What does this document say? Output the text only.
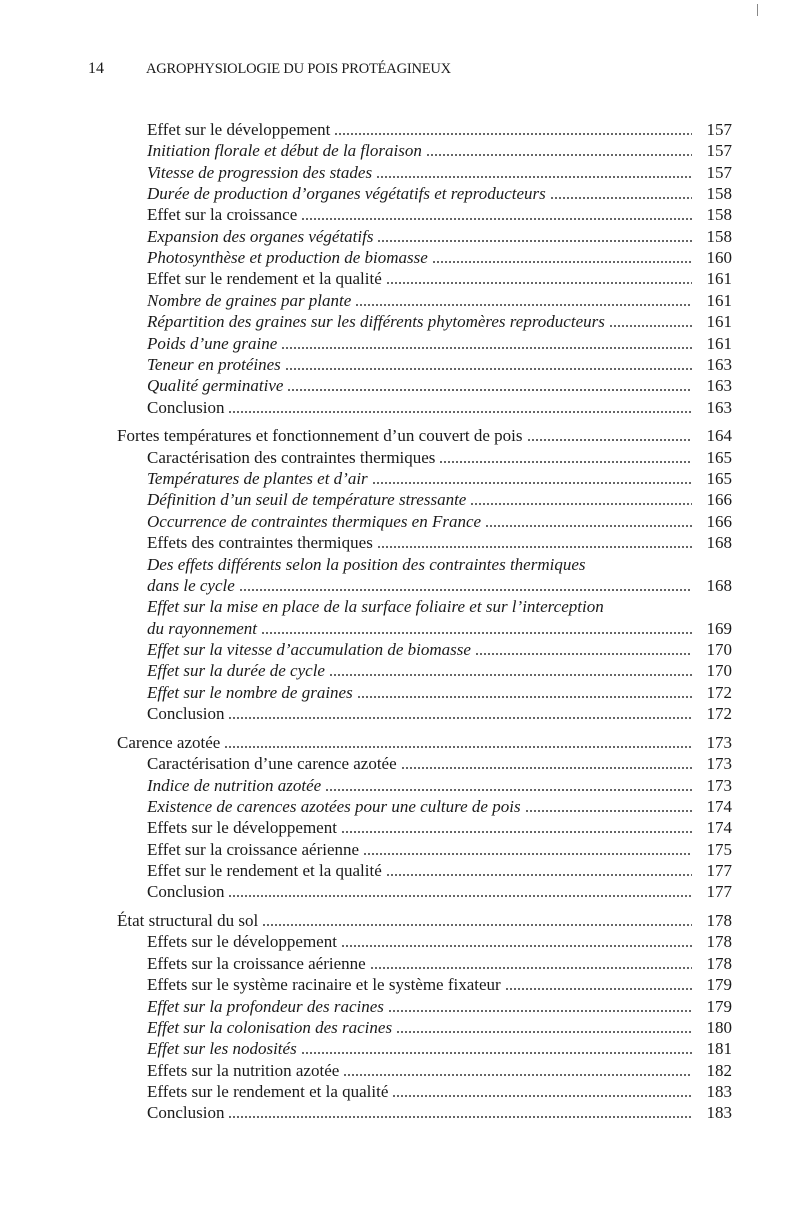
14	AGROPHYSIOLOGIE DU POIS PROTÉAGINEUX
Effet sur le développement	157
Initiation florale et début de la floraison	157
Vitesse de progression des stades	157
Durée de production d’organes végétatifs et reproducteurs	158
Effet sur la croissance	158
Expansion des organes végétatifs	158
Photosynthèse et production de biomasse	160
Effet sur le rendement et la qualité	161
Nombre de graines par plante	161
Répartition des graines sur les différents phytomères reproducteurs	161
Poids d’une graine	161
Teneur en protéines	163
Qualité germinative	163
Conclusion	163
Fortes températures et fonctionnement d’un couvert de pois	164
Caractérisation des contraintes thermiques	165
Températures de plantes et d’air	165
Définition d’un seuil de température stressante	166
Occurrence de contraintes thermiques en France	166
Effets des contraintes thermiques	168
Des effets différents selon la position des contraintes thermiques
dans le cycle	168
Effet sur la mise en place de la surface foliaire et sur l’interception
du rayonnement	169
Effet sur la vitesse d’accumulation de biomasse	170
Effet sur la durée de cycle	170
Effet sur le nombre de graines	172
Conclusion	172
Carence azotée	173
Caractérisation d’une carence azotée	173
Indice de nutrition azotée	173
Existence de carences azotées pour une culture de pois	174
Effets sur le développement	174
Effet sur la croissance aérienne	175
Effet sur le rendement et la qualité	177
Conclusion	177
État structural du sol	178
Effets sur le développement	178
Effets sur la croissance aérienne	178
Effets sur le système racinaire et le système fixateur	179
Effet sur la profondeur des racines	179
Effet sur la colonisation des racines	180
Effet sur les nodosités	181
Effets sur la nutrition azotée	182
Effets sur le rendement et la qualité	183
Conclusion	183
